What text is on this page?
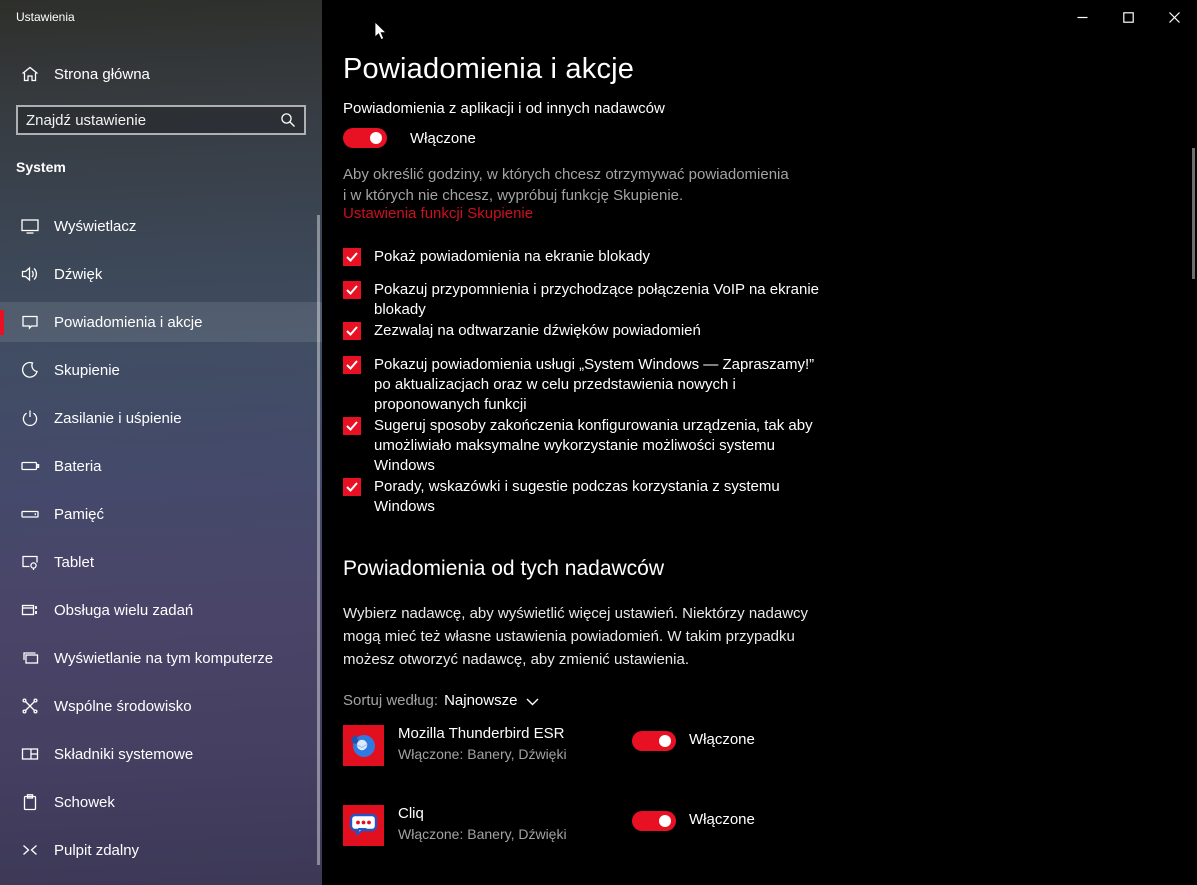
Ustawienia
Strona główna
Znajdź ustawienie
System
Wyświetlacz
Dźwięk
Powiadomienia i akcje
Skupienie
Zasilanie i uśpienie
Bateria
Pamięć
Tablet
Obsługa wielu zadań
Wyświetlanie na tym komputerze
Wspólne środowisko
Składniki systemowe
Schowek
Pulpit zdalny
Powiadomienia i akcje
Powiadomienia z aplikacji i od innych nadawców
Włączone
Aby określić godziny, w których chcesz otrzymywać powiadomienia i w których nie chcesz, wypróbuj funkcję Skupienie.
Ustawienia funkcji Skupienie
Pokaż powiadomienia na ekranie blokady
Pokazuj przypomnienia i przychodzące połączenia VoIP na ekranie blokady
Zezwalaj na odtwarzanie dźwięków powiadomień
Pokazuj powiadomienia usługi „System Windows — Zapraszamy!” po aktualizacjach oraz w celu przedstawienia nowych i proponowanych funkcji
Sugeruj sposoby zakończenia konfigurowania urządzenia, tak aby umożliwiało maksymalne wykorzystanie możliwości systemu Windows
Porady, wskazówki i sugestie podczas korzystania z systemu Windows
Powiadomienia od tych nadawców
Wybierz nadawcę, aby wyświetlić więcej ustawień. Niektórzy nadawcy mogą mieć też własne ustawienia powiadomień. W takim przypadku możesz otworzyć nadawcę, aby zmienić ustawienia.
Sortuj według: Najnowsze
Mozilla Thunderbird ESR
Włączone: Banery, Dźwięki
Włączone
Cliq
Włączone: Banery, Dźwięki
Włączone
